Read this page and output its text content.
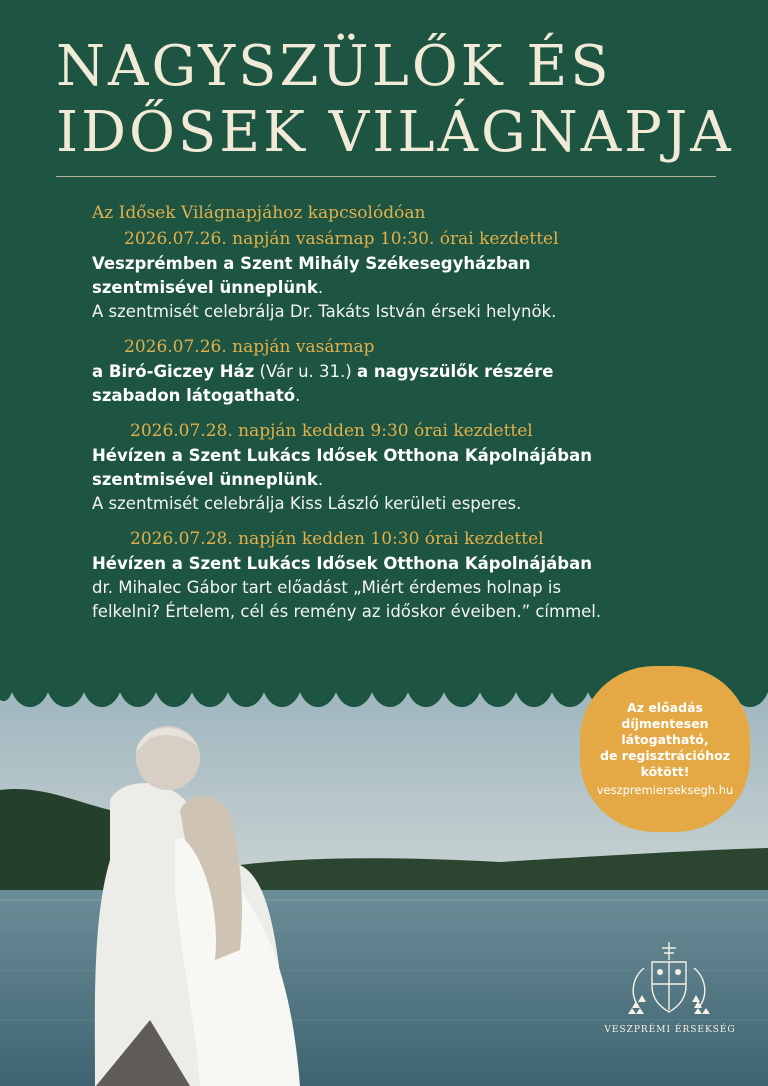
NAGYSZÜLŐK ÉS
IDŐSEK VILÁGNAPJA

Az Idősek Világnapjához kapcsolódóan

2026.07.26. napján vasárnap 10:30. órai kezdettel

Veszprémben a Szent Mihály Székesegyházban

szentmisével ünneplünk.

A szentmisét celebrálja Dr. Takáts István érseki helynök.

2026.07.26. napján vasárnap

a Biró-Giczey Ház (Vár u. 31.) a nagyszülők részére

szabadon látogatható.

2026.07.28. napján kedden 9:30 órai kezdettel

Hévízen a Szent Lukács Idősek Otthona Kápolnájában

szentmisével ünneplünk.

A szentmisét celebrálja Kiss László kerületi esperes.

2026.07.28. napján kedden 10:30 órai kezdettel

Hévízen a Szent Lukács Idősek Otthona Kápolnájában

dr. Mihalec Gábor tart előadást „Miért érdemes holnap is

felkelni? Értelem, cél és remény az időskor éveiben.” címmel.

Az előadás
díjmentesen
látogatható,
de regisztrációhoz
kötött!
veszpremierseksegh.hu
VESZPRÉMI ÉRSEKSÉG
